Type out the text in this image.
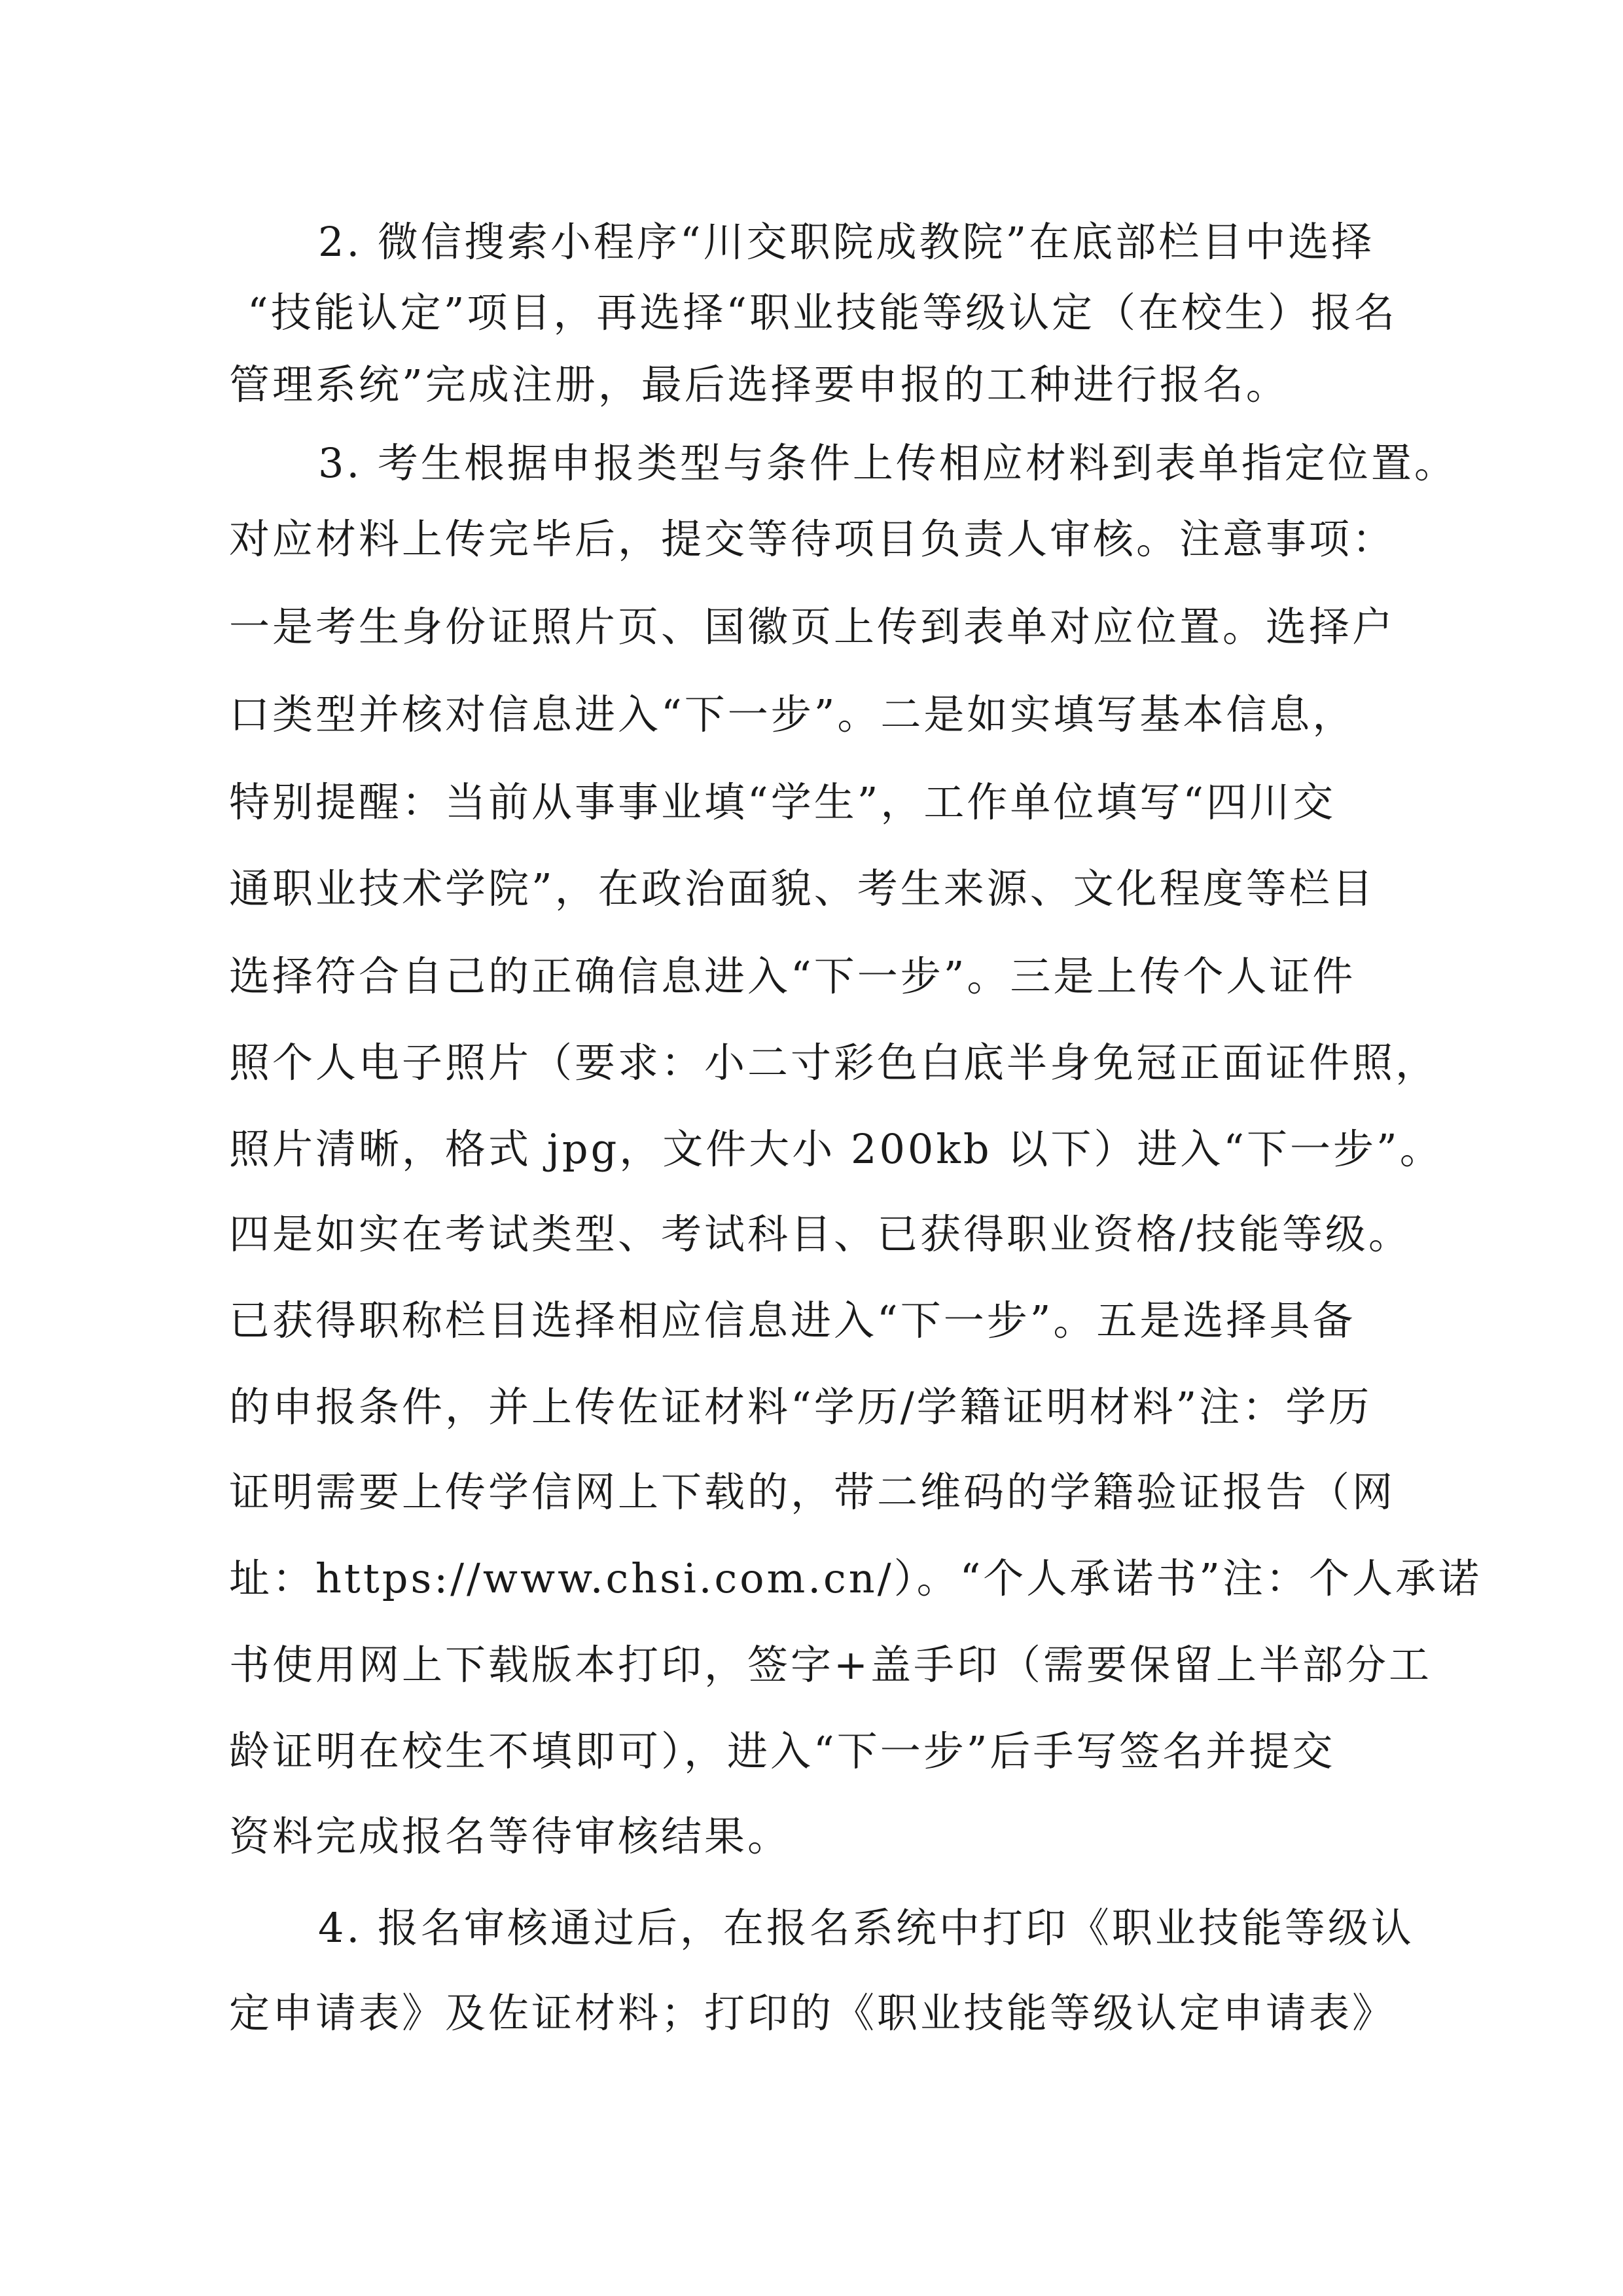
2. 微信搜索小程序“川交职院成教院”在底部栏目中选择
“技能认定”项目，再选择“职业技能等级认定（在校生）报名
管理系统”完成注册，最后选择要申报的工种进行报名。
3. 考生根据申报类型与条件上传相应材料到表单指定位置。
对应材料上传完毕后，提交等待项目负责人审核。注意事项：
一是考生身份证照片页、国徽页上传到表单对应位置。选择户
口类型并核对信息进入“下一步”。二是如实填写基本信息，
特别提醒：当前从事事业填“学生”，工作单位填写“四川交
通职业技术学院”，在政治面貌、考生来源、文化程度等栏目
选择符合自己的正确信息进入“下一步”。三是上传个人证件
照个人电子照片（要求：小二寸彩色白底半身免冠正面证件照，
照片清晰，格式 jpg，文件大小 200kb 以下）进入“下一步”。
四是如实在考试类型、考试科目、已获得职业资格/技能等级。
已获得职称栏目选择相应信息进入“下一步”。五是选择具备
的申报条件，并上传佐证材料“学历/学籍证明材料”注：学历
证明需要上传学信网上下载的，带二维码的学籍验证报告（网
址：https://www.chsi.com.cn/）。“个人承诺书”注：个人承诺
书使用网上下载版本打印，签字+盖手印（需要保留上半部分工
龄证明在校生不填即可），进入“下一步”后手写签名并提交
资料完成报名等待审核结果。
4. 报名审核通过后，在报名系统中打印《职业技能等级认
定申请表》及佐证材料；打印的《职业技能等级认定申请表》
